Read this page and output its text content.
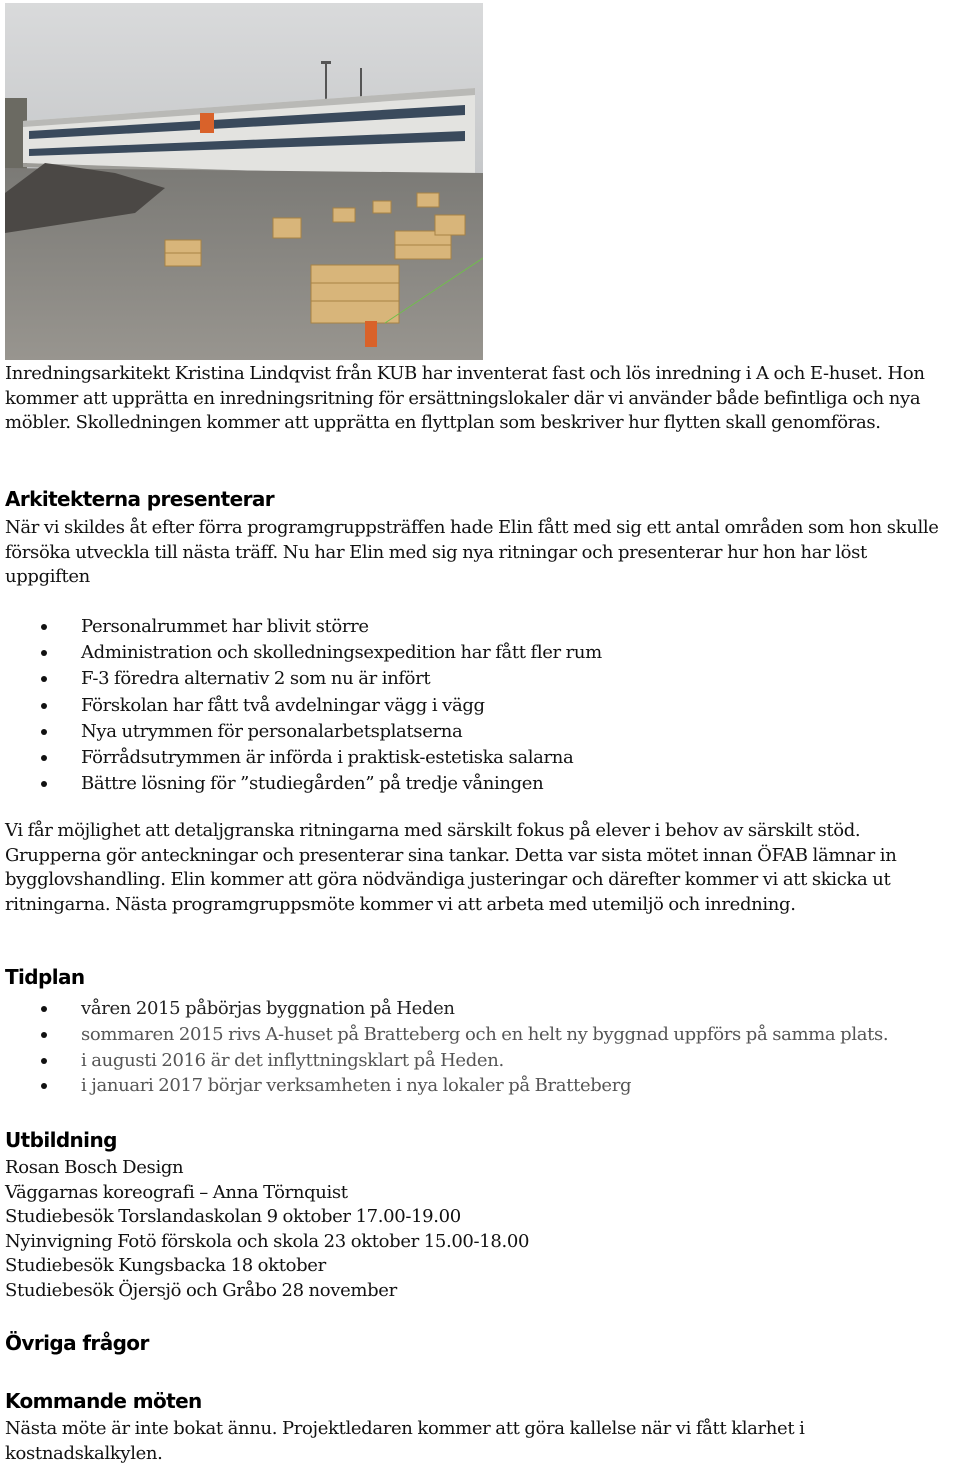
Inredningsarkitekt Kristina Lindqvist från KUB har inventerat fast och lös inredning i A och E-huset. Hon kommer att upprätta en inredningsritning för ersättningslokaler där vi använder både befintliga och nya möbler. Skolledningen kommer att upprätta en flyttplan som beskriver hur flytten skall genomföras.

Arkitekterna presenterar

När vi skildes åt efter förra programgruppsträffen hade Elin fått med sig ett antal områden som hon skulle försöka utveckla till nästa träff. Nu har Elin med sig nya ritningar och presenterar hur hon har löst uppgiften

Personalrummet har blivit större
Administration och skolledningsexpedition har fått fler rum
F-3 föredra alternativ 2 som nu är infört
Förskolan har fått två avdelningar vägg i vägg
Nya utrymmen för personalarbetsplatserna
Förrådsutrymmen är införda i praktisk-estetiska salarna
Bättre lösning för ”studiegården” på tredje våningen

Vi får möjlighet att detaljgranska ritningarna med särskilt fokus på elever i behov av särskilt stöd. Grupperna gör anteckningar och presenterar sina tankar. Detta var sista mötet innan ÖFAB lämnar in bygglovshandling. Elin kommer att göra nödvändiga justeringar och därefter kommer vi att skicka ut ritningarna. Nästa programgruppsmöte kommer vi att arbeta med utemiljö och inredning.

Tidplan
våren 2015 påbörjas byggnation på Heden
sommaren 2015 rivs A-huset på Bratteberg och en helt ny byggnad uppförs på samma plats.
i augusti 2016 är det inflyttningsklart på Heden.
i januari 2017 börjar verksamheten i nya lokaler på Bratteberg
Utbildning
Rosan Bosch Design
Väggarnas koreografi – Anna Törnquist
Studiebesök Torslandaskolan 9 oktober 17.00-19.00
Nyinvigning Fotö förskola och skola 23 oktober 15.00-18.00
Studiebesök Kungsbacka 18 oktober
Studiebesök Öjersjö och Gråbo 28 november
Övriga frågor
Kommande möten

Nästa möte är inte bokat ännu. Projektledaren kommer att göra kallelse när vi fått klarhet i kostnadskalkylen.
